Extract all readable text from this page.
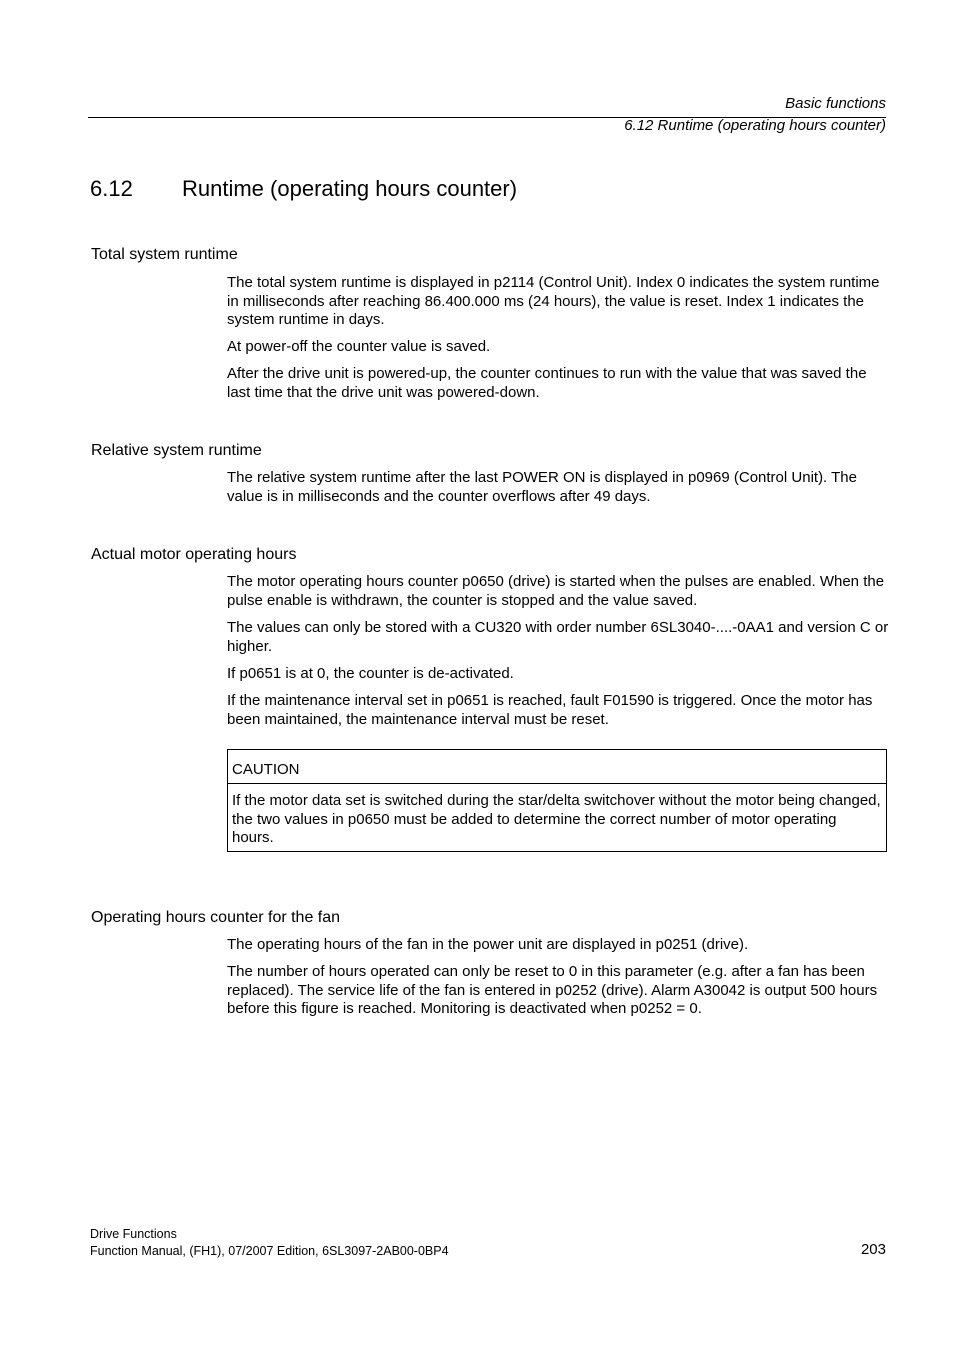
Basic functions
6.12 Runtime (operating hours counter)
6.12 Runtime (operating hours counter)
Total system runtime

The total system runtime is displayed in p2114 (Control Unit). Index 0 indicates the system runtime in milliseconds after reaching 86.400.000 ms (24 hours), the value is reset. Index 1 indicates the system runtime in days.

At power-off the counter value is saved.

After the drive unit is powered-up, the counter continues to run with the value that was saved the last time that the drive unit was powered-down.

Relative system runtime

The relative system runtime after the last POWER ON is displayed in p0969 (Control Unit). The value is in milliseconds and the counter overflows after 49 days.

Actual motor operating hours

The motor operating hours counter p0650 (drive) is started when the pulses are enabled. When the pulse enable is withdrawn, the counter is stopped and the value saved.

The values can only be stored with a CU320 with order number 6SL3040-....-0AA1 and version C or higher.

If p0651 is at 0, the counter is de-activated.

If the maintenance interval set in p0651 is reached, fault F01590 is triggered. Once the motor has been maintained, the maintenance interval must be reset.

CAUTION
If the motor data set is switched during the star/delta switchover without the motor being changed, the two values in p0650 must be added to determine the correct number of motor operating hours.
Operating hours counter for the fan

The operating hours of the fan in the power unit are displayed in p0251 (drive).

The number of hours operated can only be reset to 0 in this parameter (e.g. after a fan has been replaced). The service life of the fan is entered in p0252 (drive). Alarm A30042 is output 500 hours before this figure is reached. Monitoring is deactivated when p0252 = 0.

Drive Functions
Function Manual, (FH1), 07/2007 Edition, 6SL3097-2AB00-0BP4	203
